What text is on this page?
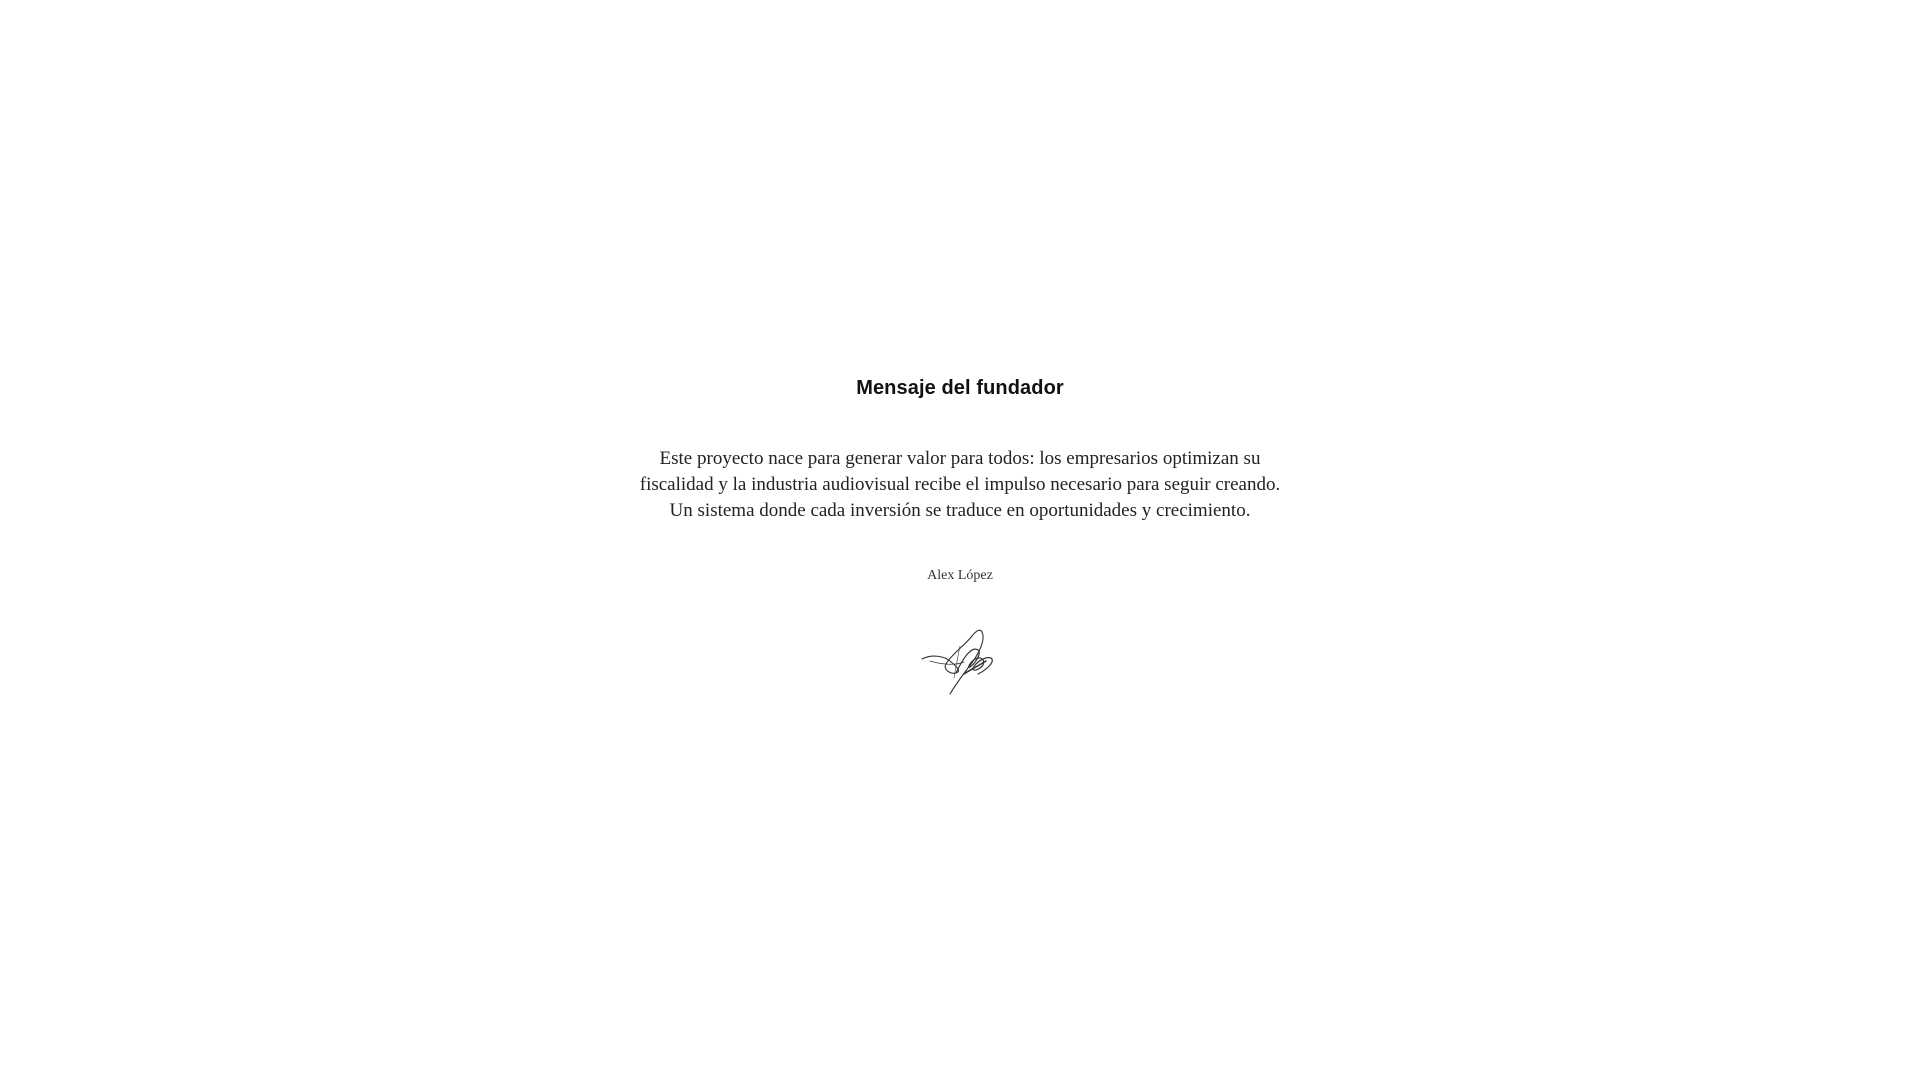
Mensaje del fundador

Este proyecto nace para generar valor para todos: los empresarios optimizan su fiscalidad y la industria audiovisual recibe el impulso necesario para seguir creando. Un sistema donde cada inversión se traduce en oportunidades y crecimiento.

Alex López
